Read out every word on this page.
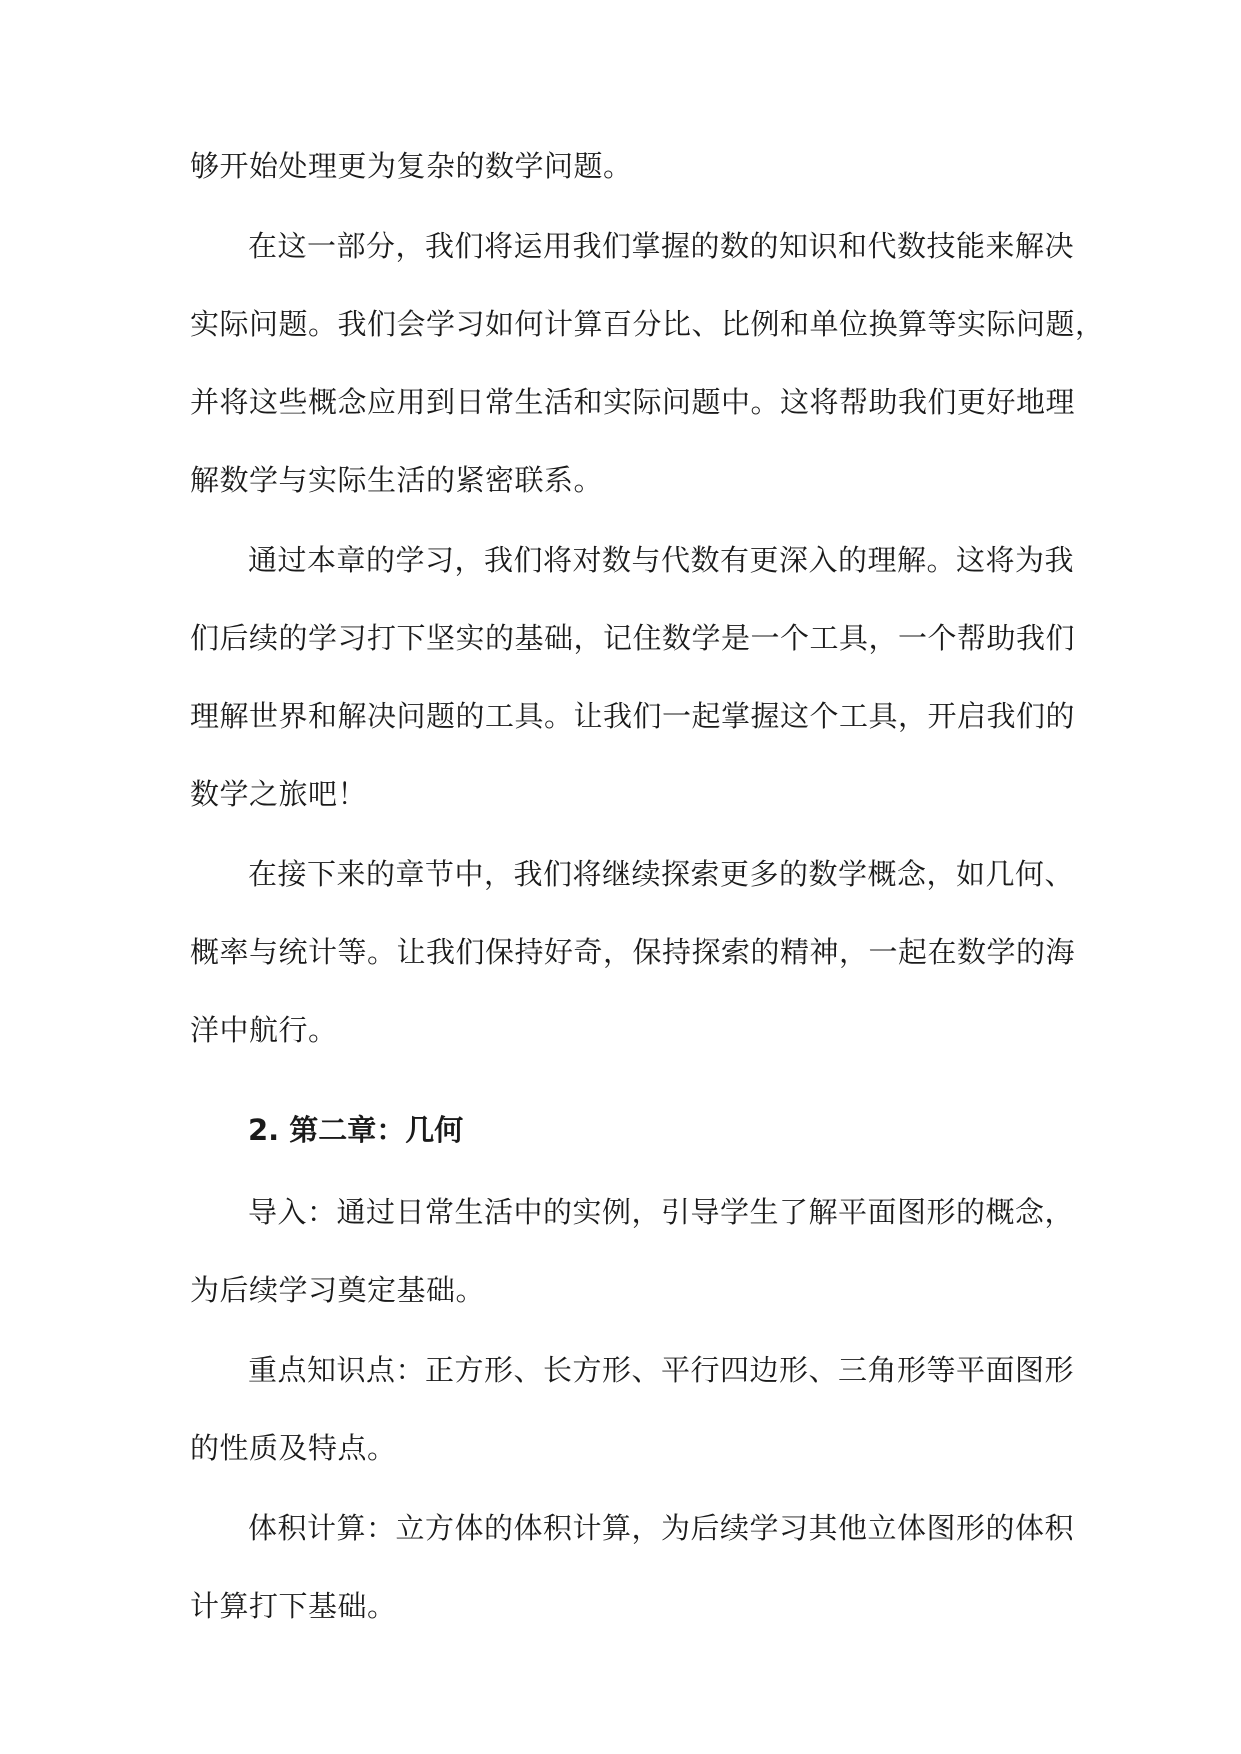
够开始处理更为复杂的数学问题。
在这一部分，我们将运用我们掌握的数的知识和代数技能来解决
实际问题。我们会学习如何计算百分比、比例和单位换算等实际问题，
并将这些概念应用到日常生活和实际问题中。这将帮助我们更好地理
解数学与实际生活的紧密联系。
通过本章的学习，我们将对数与代数有更深入的理解。这将为我
们后续的学习打下坚实的基础，记住数学是一个工具，一个帮助我们
理解世界和解决问题的工具。让我们一起掌握这个工具，开启我们的
数学之旅吧！
在接下来的章节中，我们将继续探索更多的数学概念，如几何、
概率与统计等。让我们保持好奇，保持探索的精神，一起在数学的海
洋中航行。
2. 第二章：几何
导入：通过日常生活中的实例，引导学生了解平面图形的概念，
为后续学习奠定基础。
重点知识点：正方形、长方形、平行四边形、三角形等平面图形
的性质及特点。
体积计算：立方体的体积计算，为后续学习其他立体图形的体积
计算打下基础。
